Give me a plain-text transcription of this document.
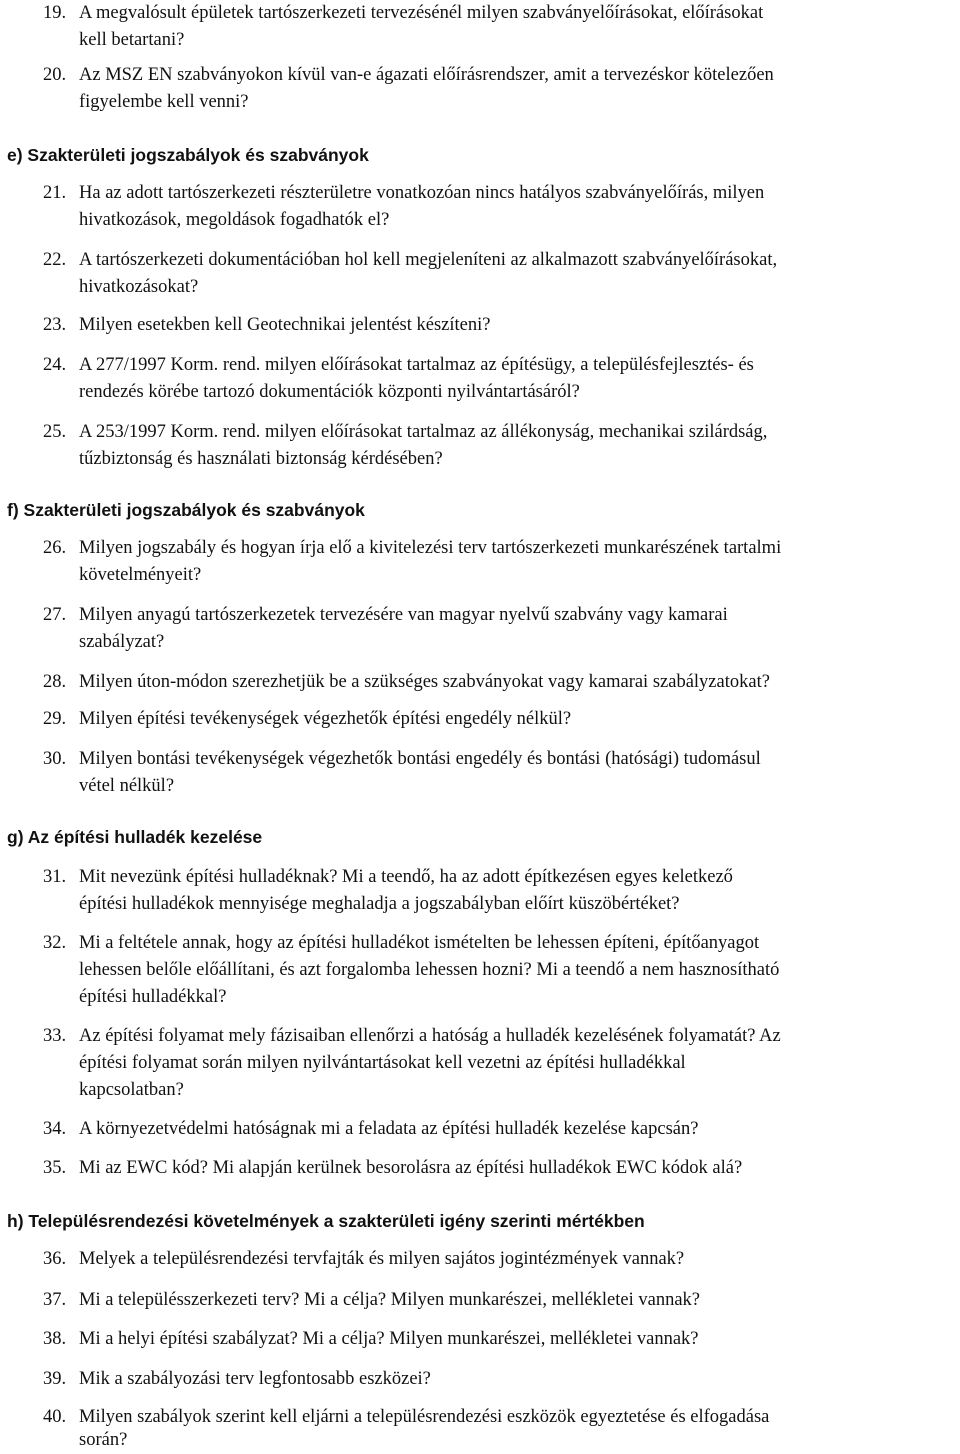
e) Szakterületi jogszabályok és szabványok
f) Szakterületi jogszabályok és szabványok
g) Az építési hulladék kezelése
h) Településrendezési követelmények a szakterületi igény szerinti mértékben
19. A megvalósult épületek tartószerkezeti tervezésénél milyen szabványelőírásokat, előírásokat
kell betartani?
20. Az MSZ EN szabványokon kívül van-e ágazati előírásrendszer, amit a tervezéskor kötelezően
figyelembe kell venni?
21. Ha az adott tartószerkezeti részterületre vonatkozóan nincs hatályos szabványelőírás, milyen
hivatkozások, megoldások fogadhatók el?
22. A tartószerkezeti dokumentációban hol kell megjeleníteni az alkalmazott szabványelőírásokat,
hivatkozásokat?
23. Milyen esetekben kell Geotechnikai jelentést készíteni?
24. A 277/1997 Korm. rend. milyen előírásokat tartalmaz az építésügy, a településfejlesztés- és
rendezés körébe tartozó dokumentációk központi nyilvántartásáról?
25. A 253/1997 Korm. rend. milyen előírásokat tartalmaz az állékonyság, mechanikai szilárdság,
tűzbiztonság és használati biztonság kérdésében?
26. Milyen jogszabály és hogyan írja elő a kivitelezési terv tartószerkezeti munkarészének tartalmi
követelményeit?
27. Milyen anyagú tartószerkezetek tervezésére van magyar nyelvű szabvány vagy kamarai
szabályzat?
28. Milyen úton-módon szerezhetjük be a szükséges szabványokat vagy kamarai szabályzatokat?
29. Milyen építési tevékenységek végezhetők építési engedély nélkül?
30. Milyen bontási tevékenységek végezhetők bontási engedély és bontási (hatósági) tudomásul
vétel nélkül?
31. Mit nevezünk építési hulladéknak? Mi a teendő, ha az adott építkezésen egyes keletkező
építési hulladékok mennyisége meghaladja a jogszabályban előírt küszöbértéket?
32. Mi a feltétele annak, hogy az építési hulladékot ismételten be lehessen építeni, építőanyagot
lehessen belőle előállítani, és azt forgalomba lehessen hozni? Mi a teendő a nem hasznosítható
építési hulladékkal?
33. Az építési folyamat mely fázisaiban ellenőrzi a hatóság a hulladék kezelésének folyamatát? Az
építési folyamat során milyen nyilvántartásokat kell vezetni az építési hulladékkal
kapcsolatban?
34. A környezetvédelmi hatóságnak mi a feladata az építési hulladék kezelése kapcsán?
35. Mi az EWC kód? Mi alapján kerülnek besorolásra az építési hulladékok EWC kódok alá?
36. Melyek a településrendezési tervfajták és milyen sajátos jogintézmények vannak?
37. Mi a településszerkezeti terv? Mi a célja? Milyen munkarészei, mellékletei vannak?
38. Mi a helyi építési szabályzat? Mi a célja? Milyen munkarészei, mellékletei vannak?
39. Mik a szabályozási terv legfontosabb eszközei?
40. Milyen szabályok szerint kell eljárni a településrendezési eszközök egyeztetése és elfogadása
során?
